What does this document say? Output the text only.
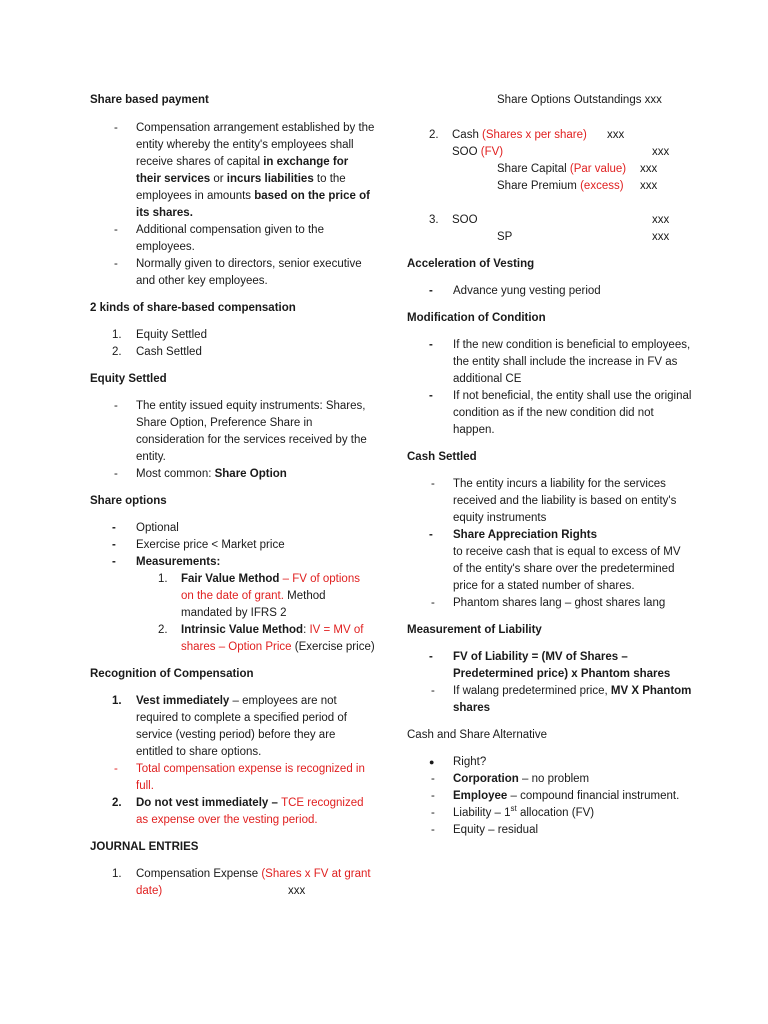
Share based payment
- Compensation arrangement established by the entity whereby the entity's employees shall receive shares of capital in exchange for their services or incurs liabilities to the employees in amounts based on the price of its shares.
- Additional compensation given to the employees.
- Normally given to directors, senior executive and other key employees.
2 kinds of share-based compensation
1. Equity Settled
2. Cash Settled
Equity Settled
- The entity issued equity instruments: Shares, Share Option, Preference Share in consideration for the services received by the entity.
- Most common: Share Option
Share options
- Optional
- Exercise price < Market price
- Measurements:
1. Fair Value Method – FV of options on the date of grant. Method mandated by IFRS 2
2. Intrinsic Value Method: IV = MV of shares – Option Price (Exercise price)
Recognition of Compensation
1. Vest immediately – employees are not required to complete a specified period of service (vesting period) before they are entitled to share options.
- Total compensation expense is recognized in full.
2. Do not vest immediately – TCE recognized as expense over the vesting period.
JOURNAL ENTRIES
1. Compensation Expense (Shares x FV at grant date)	xxx
Share Options Outstandings xxx
2. Cash (Shares x per share) xxx
SOO (FV)	xxx
Share Capital (Par value) xxx
Share Premium (excess) xxx
3. SOO	xxx
SP	xxx
Acceleration of Vesting
- Advance yung vesting period
Modification of Condition
- If the new condition is beneficial to employees, the entity shall include the increase in FV as additional CE
- If not beneficial, the entity shall use the original condition as if the new condition did not happen.
Cash Settled
- The entity incurs a liability for the services received and the liability is based on entity's equity instruments
- Share Appreciation Rights
to receive cash that is equal to excess of MV of the entity's share over the predetermined price for a stated number of shares.
- Phantom shares lang – ghost shares lang
Measurement of Liability
- FV of Liability = (MV of Shares – Predetermined price) x Phantom shares
- If walang predetermined price, MV X Phantom shares
Cash and Share Alternative
● Right?
- Corporation – no problem
- Employee – compound financial instrument.
- Liability – 1st allocation (FV)
- Equity – residual
